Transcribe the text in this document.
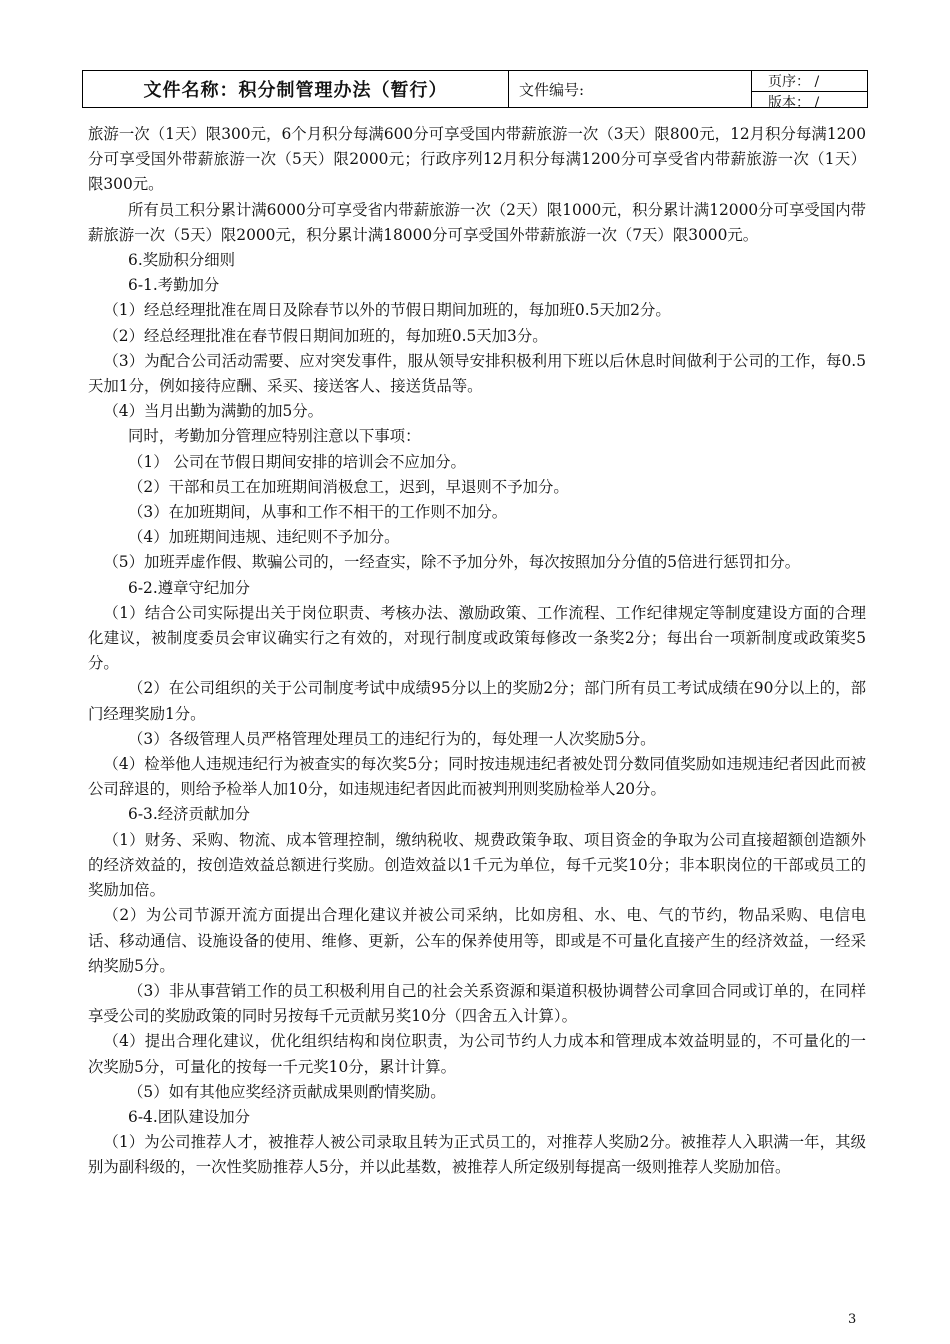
文件名称：积分制管理办法（暂行）	文件编号:	页序： /
版本： /

旅游一次（1天）限300元，6个月积分每满600分可享受国内带薪旅游一次（3天）限800元，12月积分每满1200分可享受国外带薪旅游一次（5天）限2000元；行政序列12月积分每满1200分可享受省内带薪旅游一次（1天）限300元。

所有员工积分累计满6000分可享受省内带薪旅游一次（2天）限1000元，积分累计满12000分可享受国内带薪旅游一次（5天）限2000元，积分累计满18000分可享受国外带薪旅游一次（7天）限3000元。

6.奖励积分细则

6-1.考勤加分

（1）经总经理批准在周日及除春节以外的节假日期间加班的，每加班0.5天加2分。

（2）经总经理批准在春节假日期间加班的，每加班0.5天加3分。

（3）为配合公司活动需要、应对突发事件，服从领导安排积极利用下班以后休息时间做利于公司的工作，每0.5天加1分，例如接待应酬、采买、接送客人、接送货品等。

（4）当月出勤为满勤的加5分。

同时，考勤加分管理应特别注意以下事项：

（1） 公司在节假日期间安排的培训会不应加分。

（2）干部和员工在加班期间消极怠工，迟到，早退则不予加分。

（3）在加班期间，从事和工作不相干的工作则不加分。

（4）加班期间违规、违纪则不予加分。

（5）加班弄虚作假、欺骗公司的，一经查实，除不予加分外，每次按照加分分值的5倍进行惩罚扣分。

6-2.遵章守纪加分

（1）结合公司实际提出关于岗位职责、考核办法、激励政策、工作流程、工作纪律规定等制度建设方面的合理化建议，被制度委员会审议确实行之有效的，对现行制度或政策每修改一条奖2分；每出台一项新制度或政策奖5分。

（2）在公司组织的关于公司制度考试中成绩95分以上的奖励2分；部门所有员工考试成绩在90分以上的，部门经理奖励1分。

（3）各级管理人员严格管理处理员工的违纪行为的，每处理一人次奖励5分。

（4）检举他人违规违纪行为被查实的每次奖5分；同时按违规违纪者被处罚分数同值奖励如违规违纪者因此而被公司辞退的，则给予检举人加10分，如违规违纪者因此而被判刑则奖励检举人20分。

6-3.经济贡献加分

（1）财务、采购、物流、成本管理控制，缴纳税收、规费政策争取、项目资金的争取为公司直接超额创造额外的经济效益的，按创造效益总额进行奖励。创造效益以1千元为单位，每千元奖10分；非本职岗位的干部或员工的奖励加倍。

（2）为公司节源开流方面提出合理化建议并被公司采纳，比如房租、水、电、气的节约，物品采购、电信电话、移动通信、设施设备的使用、维修、更新，公车的保养使用等，即或是不可量化直接产生的经济效益，一经采纳奖励5分。

（3）非从事营销工作的员工积极利用自己的社会关系资源和渠道积极协调替公司拿回合同或订单的，在同样享受公司的奖励政策的同时另按每千元贡献另奖10分（四舍五入计算）。

（4）提出合理化建议，优化组织结构和岗位职责，为公司节约人力成本和管理成本效益明显的，不可量化的一次奖励5分，可量化的按每一千元奖10分，累计计算。

（5）如有其他应奖经济贡献成果则酌情奖励。

6-4.团队建设加分

（1）为公司推荐人才，被推荐人被公司录取且转为正式员工的，对推荐人奖励2分。被推荐人入职满一年，其级别为副科级的，一次性奖励推荐人5分，并以此基数，被推荐人所定级别每提高一级则推荐人奖励加倍。

3
